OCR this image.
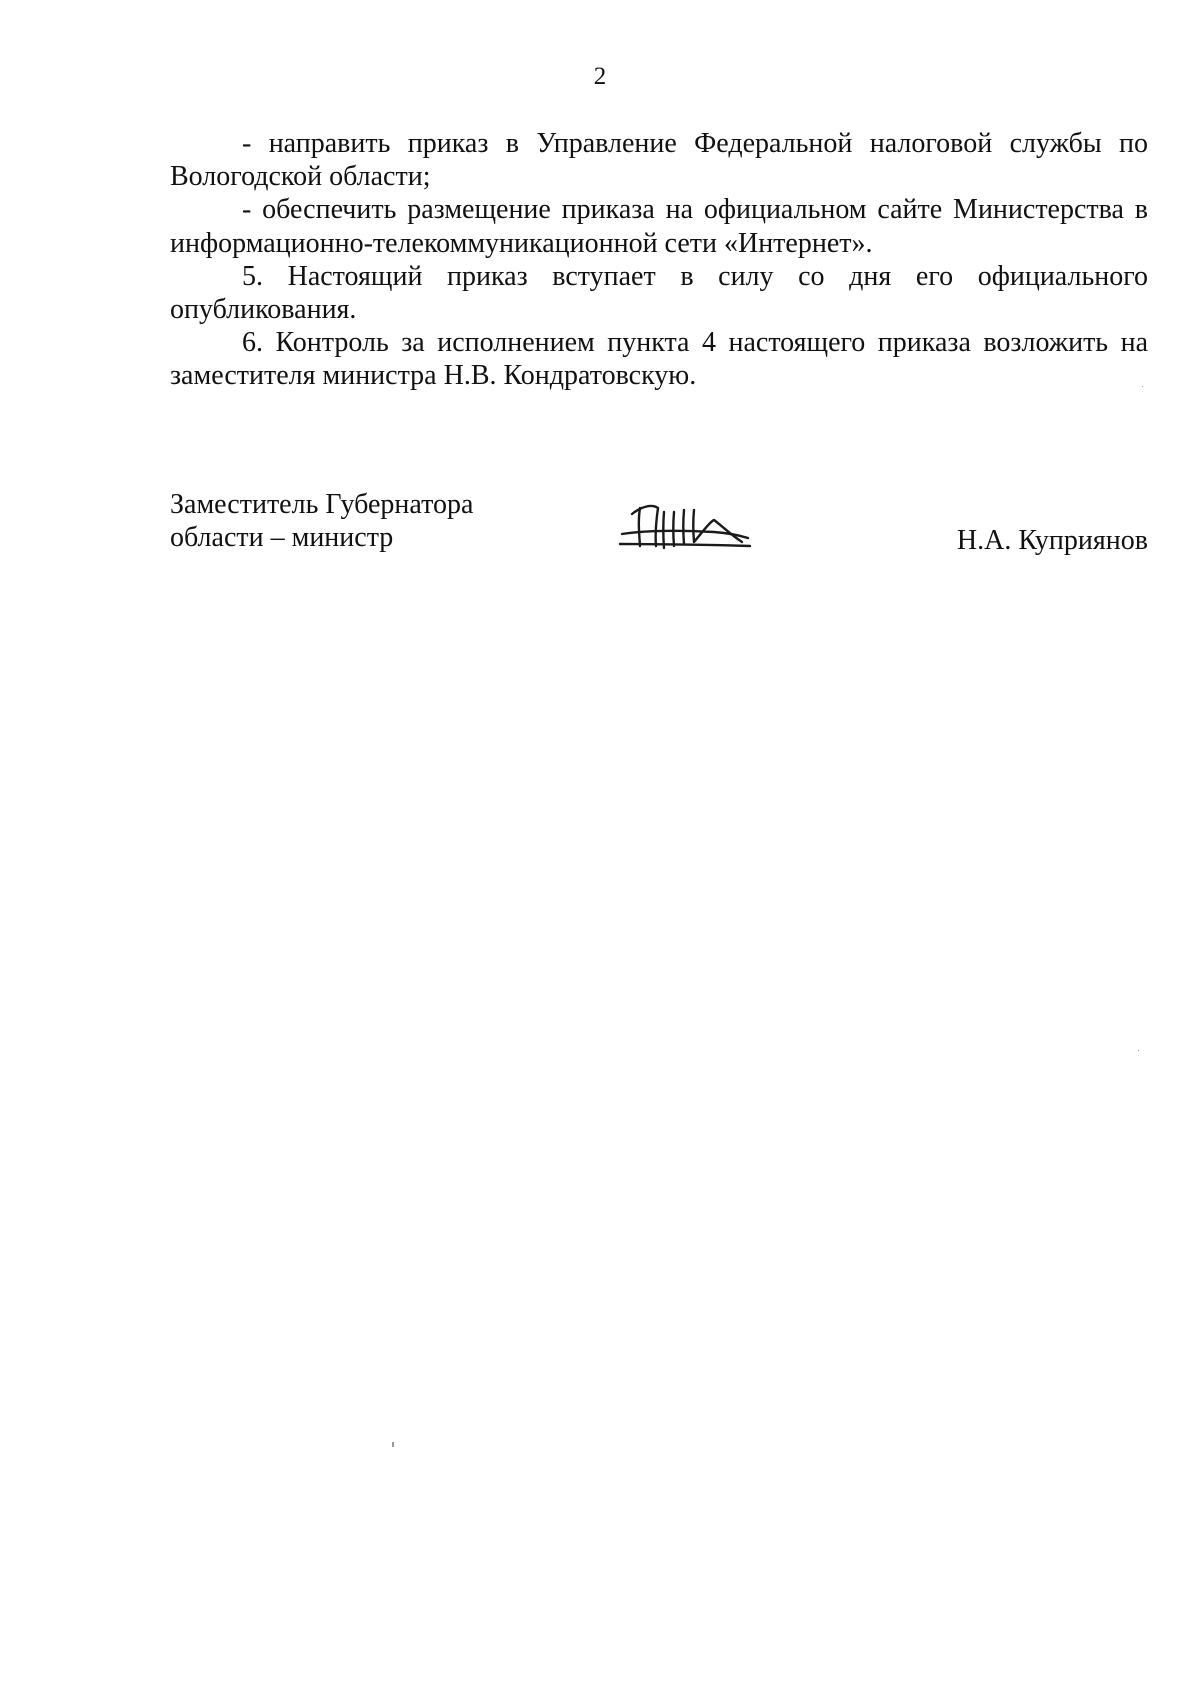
2

- направить приказ в Управление Федеральной налоговой службы по Вологодской области;

- обеспечить размещение приказа на официальном сайте Министерства в информационно-телекоммуникационной сети «Интернет».

5. Настоящий приказ вступает в силу со дня его официального опубликования.

6. Контроль за исполнением пункта 4 настоящего приказа возложить на заместителя министра Н.В. Кондратовскую.

Заместитель Губернатора
области – министр	Н.А. Куприянов
